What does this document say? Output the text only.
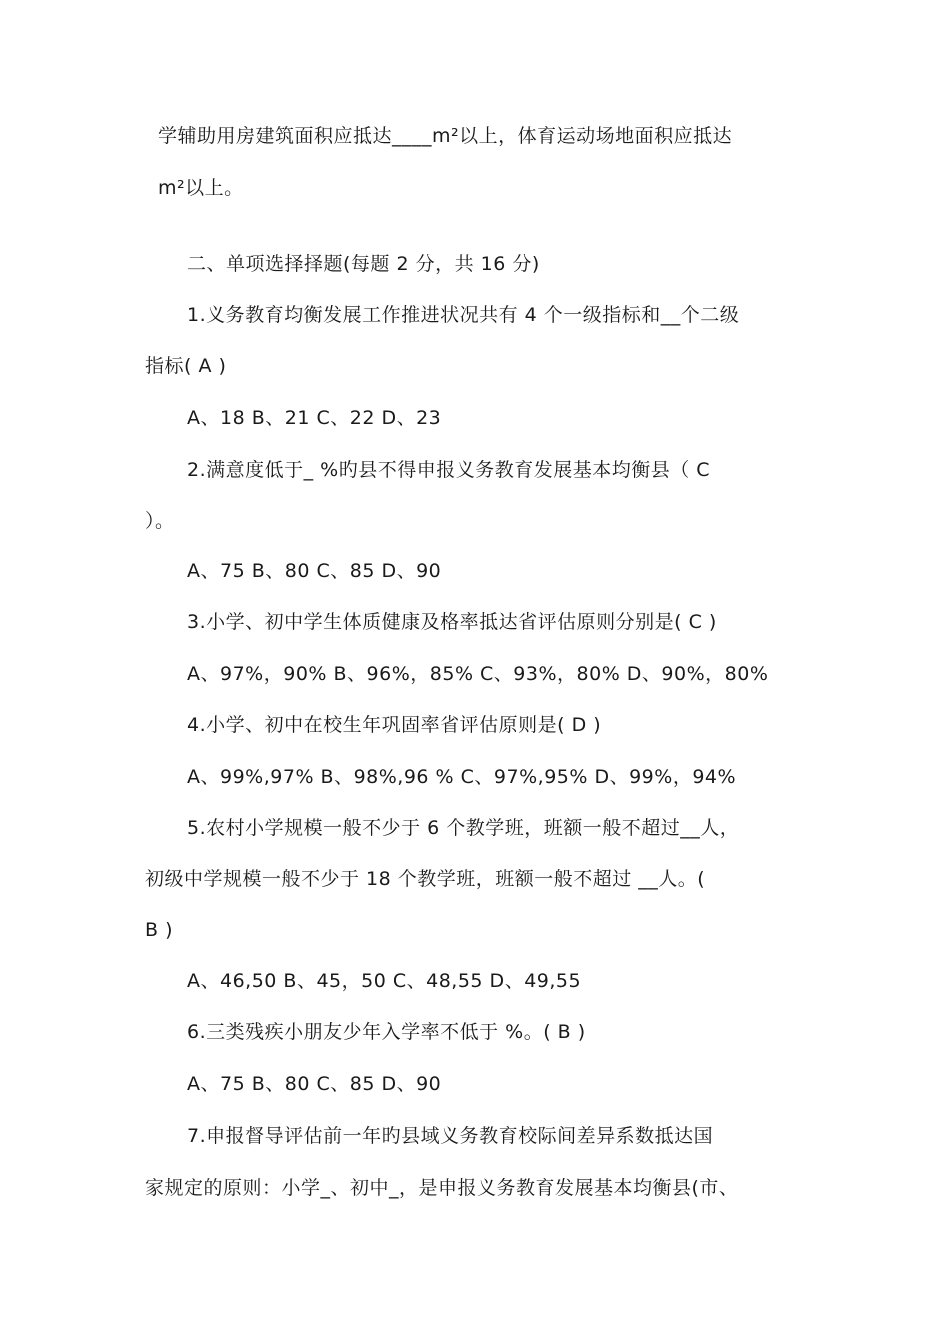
学辅助用房建筑面积应抵达____m²以上，体育运动场地面积应抵达
m²以上。
二、单项选择择题(每题 2 分，共 16 分)
1.义务教育均衡发展工作推进状况共有 4 个一级指标和__个二级
指标( A )
A、18 B、21 C、22 D、23
2.满意度低于_ %旳县不得申报义务教育发展基本均衡县（ C
）。
A、75 B、80 C、85 D、90
3.小学、初中学生体质健康及格率抵达省评估原则分别是( C )
A、97%，90% B、96%，85% C、93%，80% D、90%，80%
4.小学、初中在校生年巩固率省评估原则是( D )
A、99%,97% B、98%,96 % C、97%,95% D、99%，94%
5.农村小学规模一般不少于 6 个教学班，班额一般不超过__人，
初级中学规模一般不少于 18 个教学班，班额一般不超过 __人。(
B )
A、46,50 B、45，50 C、48,55 D、49,55
6.三类残疾小朋友少年入学率不低于 %。( B )
A、75 B、80 C、85 D、90
7.申报督导评估前一年旳县域义务教育校际间差异系数抵达国
家规定的原则：小学_、初中_，是申报义务教育发展基本均衡县(市、
